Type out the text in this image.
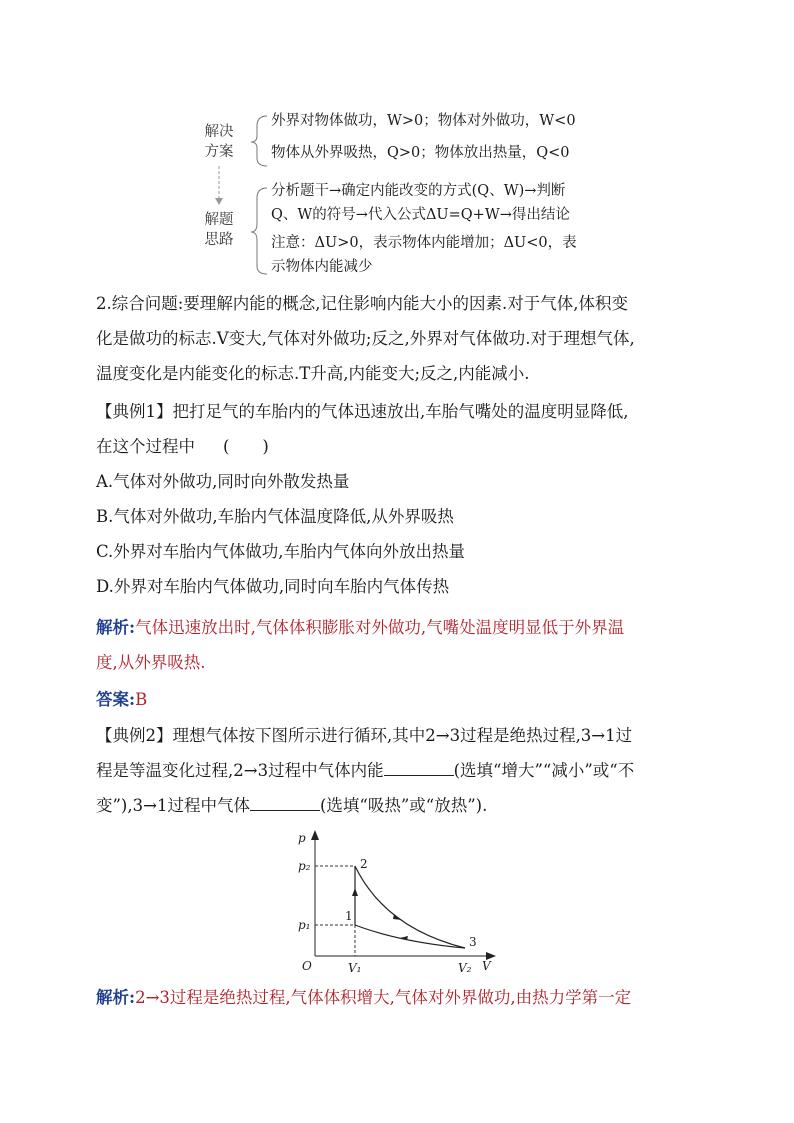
解决
方案
解题
思路
外界对物体做功，W>0；物体对外做功，W<0
物体从外界吸热，Q>0；物体放出热量，Q<0
分析题干→确定内能改变的方式(Q、W)→判断
Q、W的符号→代入公式ΔU=Q+W→得出结论
注意：ΔU>0，表示物体内能增加；ΔU<0，表
示物体内能减少
2.综合问题:要理解内能的概念,记住影响内能大小的因素.对于气体,体积变
化是做功的标志.V变大,气体对外做功;反之,外界对气体做功.对于理想气体,
温度变化是内能变化的标志.T升高,内能变大;反之,内能减小.
【典例1】把打足气的车胎内的气体迅速放出,车胎气嘴处的温度明显降低,
在这个过程中 (　　)
A.气体对外做功,同时向外散发热量
B.气体对外做功,车胎内气体温度降低,从外界吸热
C.外界对车胎内气体做功,车胎内气体向外放出热量
D.外界对车胎内气体做功,同时向车胎内气体传热
解析:气体迅速放出时,气体体积膨胀对外做功,气嘴处温度明显低于外界温
度,从外界吸热.
答案:B
【典例2】理想气体按下图所示进行循环,其中2→3过程是绝热过程,3→1过
程是等温变化过程,2→3过程中气体内能	(选填“增大”“减小”或“不
变”),3→1过程中气体	(选填“吸热”或“放热”).
p
p₂
p₁
O	V₁	V₂ V
2
1
3
解析:2→3过程是绝热过程,气体体积增大,气体对外界做功,由热力学第一定
